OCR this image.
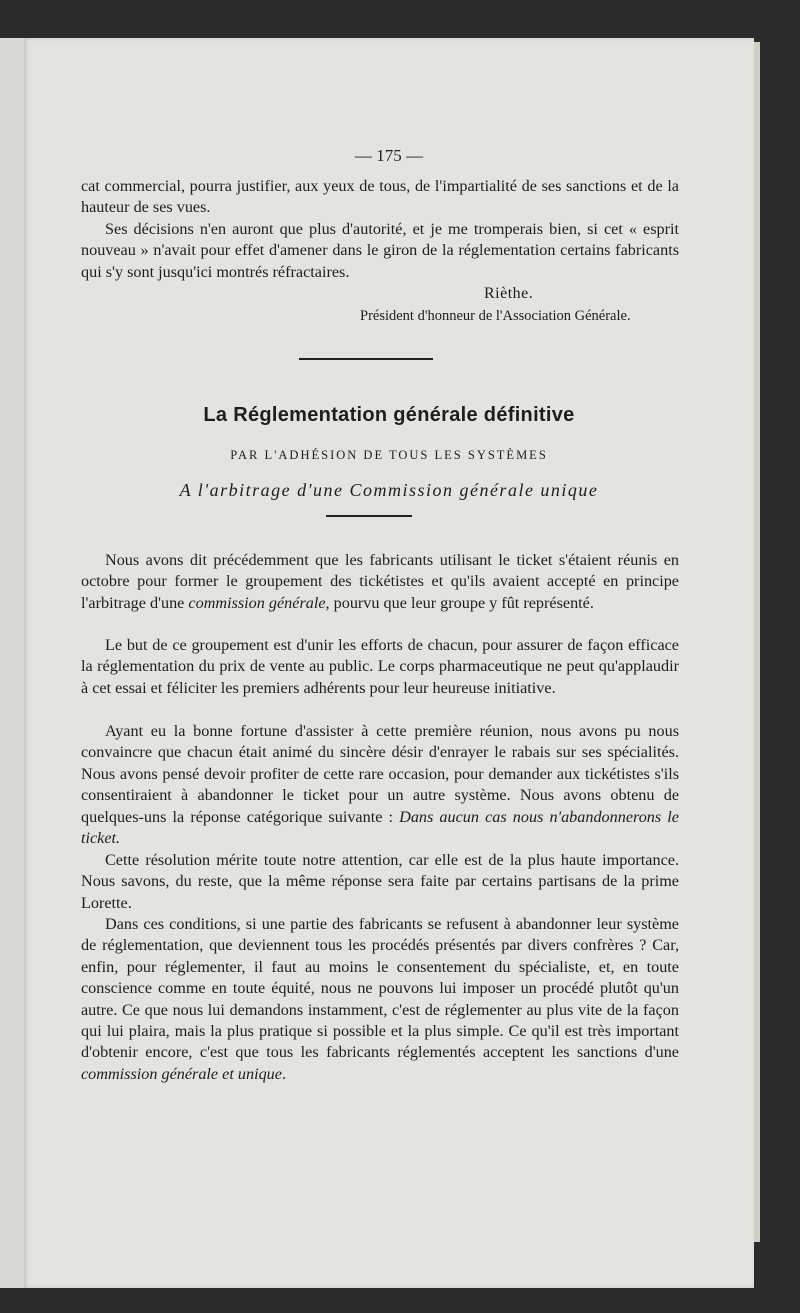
— 175 —

cat commercial, pourra justifier, aux yeux de tous, de l'impartialité de ses sanctions et de la hauteur de ses vues.

Ses décisions n'en auront que plus d'autorité, et je me tromperais bien, si cet « esprit nouveau » n'avait pour effet d'amener dans le giron de la réglementation certains fabricants qui s'y sont jusqu'ici montrés réfractaires.

Rièthe.
Président d'honneur de l'Association Générale.
La Réglementation générale définitive
PAR L'ADHÉSION DE TOUS LES SYSTÈMES
A l'arbitrage d'une Commission générale unique

Nous avons dit précédemment que les fabricants utilisant le ticket s'étaient réunis en octobre pour former le groupement des tickétistes et qu'ils avaient accepté en principe l'arbitrage d'une commission générale, pourvu que leur groupe y fût représenté.

Le but de ce groupement est d'unir les efforts de chacun, pour assurer de façon efficace la réglementation du prix de vente au public. Le corps pharmaceutique ne peut qu'applaudir à cet essai et féliciter les premiers adhérents pour leur heureuse initiative.

Ayant eu la bonne fortune d'assister à cette première réunion, nous avons pu nous convaincre que chacun était animé du sincère désir d'enrayer le rabais sur ses spécialités. Nous avons pensé devoir profiter de cette rare occasion, pour demander aux tickétistes s'ils consentiraient à abandonner le ticket pour un autre système. Nous avons obtenu de quelques-uns la réponse catégorique suivante : Dans aucun cas nous n'abandonnerons le ticket.

Cette résolution mérite toute notre attention, car elle est de la plus haute importance. Nous savons, du reste, que la même réponse sera faite par certains partisans de la prime Lorette.

Dans ces conditions, si une partie des fabricants se refusent à abandonner leur système de réglementation, que deviennent tous les procédés présentés par divers confrères ? Car, enfin, pour réglementer, il faut au moins le consentement du spécialiste, et, en toute conscience comme en toute équité, nous ne pouvons lui imposer un procédé plutôt qu'un autre. Ce que nous lui demandons instamment, c'est de réglementer au plus vite de la façon qui lui plaira, mais la plus pratique si possible et la plus simple. Ce qu'il est très important d'obtenir encore, c'est que tous les fabricants réglementés acceptent les sanctions d'une commission générale et unique.
